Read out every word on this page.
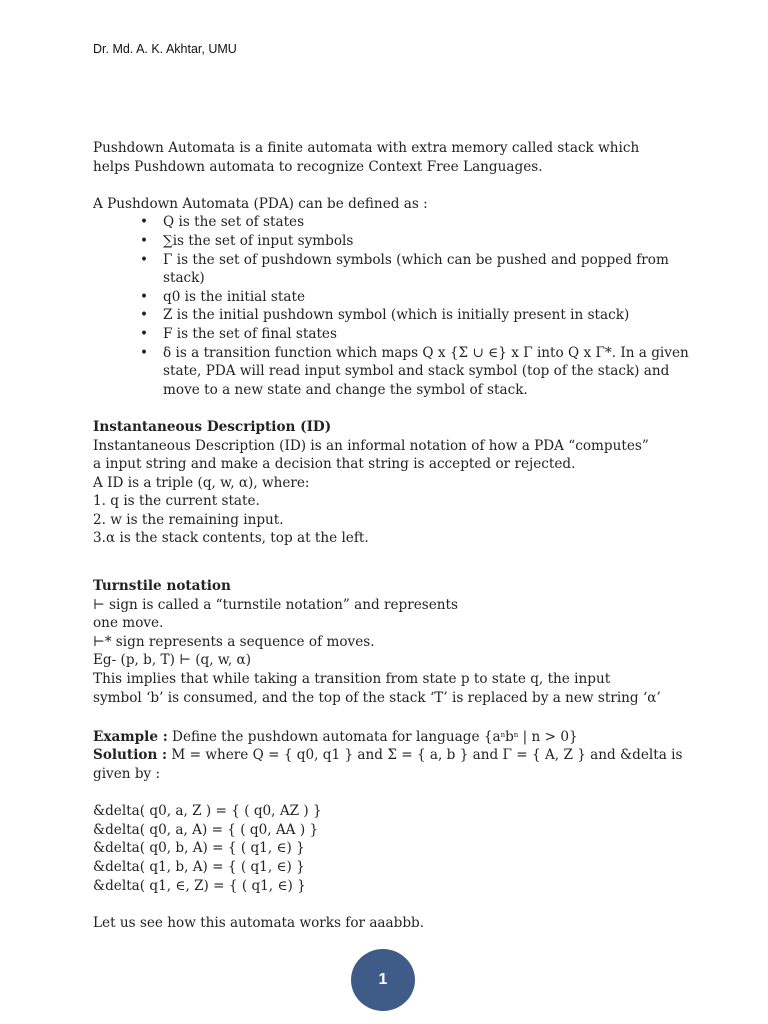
Dr. Md. A. K. Akhtar, UMU

Pushdown Automata is a finite automata with extra memory called stack which

helps Pushdown automata to recognize Context Free Languages.

A Pushdown Automata (PDA) can be defined as :

• Q is the set of states
• ∑is the set of input symbols
• Γ is the set of pushdown symbols (which can be pushed and popped from stack)
• q0 is the initial state
• Z is the initial pushdown symbol (which is initially present in stack)
• F is the set of final states
• δ is a transition function which maps Q x {Σ ∪ ∈} x Γ into Q x Γ*. In a given state, PDA will read input symbol and stack symbol (top of the stack) and move to a new state and change the symbol of stack.

Instantaneous Description (ID)

Instantaneous Description (ID) is an informal notation of how a PDA “computes”

a input string and make a decision that string is accepted or rejected.

A ID is a triple (q, w, α), where:

1. q is the current state.

2. w is the remaining input.

3.α is the stack contents, top at the left.

Turnstile notation

⊢ sign is called a “turnstile notation” and represents

one move.

⊢* sign represents a sequence of moves.

Eg- (p, b, T) ⊢ (q, w, α)

This implies that while taking a transition from state p to state q, the input

symbol ‘b’ is consumed, and the top of the stack ‘T’ is replaced by a new string ‘α’

Example : Define the pushdown automata for language {$a^nb^n$ | n > 0}

Solution : M = where Q = { q0, q1 } and Σ = { a, b } and Γ = { A, Z } and &delta is

given by :

&delta( q0, a, Z ) = { ( q0, AZ ) }

&delta( q0, a, A) = { ( q0, AA ) }

&delta( q0, b, A) = { ( q1, ∈) }

&delta( q1, b, A) = { ( q1, ∈) }

&delta( q1, ∈, Z) = { ( q1, ∈) }

Let us see how this automata works for aaabbb.

1
